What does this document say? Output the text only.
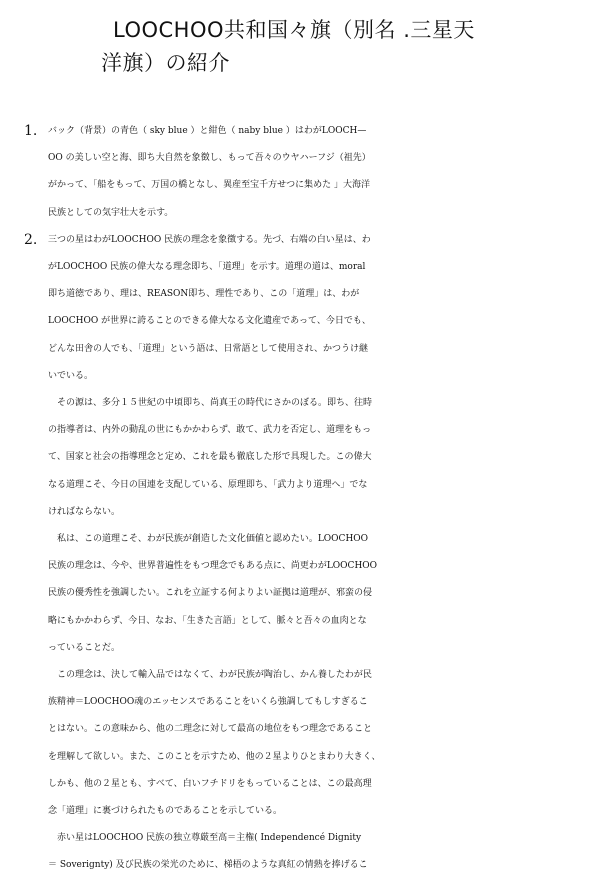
LOOCHOO共和国々旗（別名 .三星天
洋旗）の紹介
1. バック（背景）の青色（ sky blue ）と紺色（ naby blue ）はわがLOOCH—
OO の美しい空と海、即ち大自然を象徴し、もって吾々のウヤハーフジ（祖先）
がかって、「船をもって、万国の橋となし、異産至宝千方せつに集めた 」大海洋
民族としての気宇壮大を示す。
2. 三つの星はわがLOOCHOO 民族の理念を象徴する。先づ、右端の白い星は、わ
がLOOCHOO 民族の偉大なる理念即ち、「道理」を示す。道理の道は、moral
即ち道徳であり、理は、REASON即ち、理性であり、この「道理」は、わが
LOOCHOO が世界に誇ることのできる偉大なる文化遺産であって、今日でも、
どんな田舎の人でも、「道理」という語は、日常語として使用され、かつうけ継
いでいる。
　その源は、多分１５世紀の中頃即ち、尚真王の時代にさかのぼる。即ち、往時
の指導者は、内外の動乱の世にもかかわらず、敢て、武力を否定し、道理をもっ
て、国家と社会の指導理念と定め、これを最も徹底した形で具現した。この偉大
なる道理こそ、今日の国連を支配している、原理即ち、「武力より道理へ」でな
ければならない。
　私は、この道理こそ、わが民族が創造した文化価値と認めたい。LOOCHOO
民族の理念は、今や、世界普遍性をもつ理念でもある点に、尚更わがLOOCHOO
民族の優秀性を強調したい。これを立証する何よりよい証拠は道理が、邪蛮の侵
略にもかかわらず、今日、なお、「生きた言語」として、脈々と吾々の血肉とな
っていることだ。
　この理念は、決して輸入品ではなくて、わが民族が陶治し、かん養したわが民
族精神＝LOOCHOO魂のエッセンスであることをいくら強調してもしすぎるこ
とはない。この意味から、他の二理念に対して最高の地位をもつ理念であること
を理解して欲しい。また、このことを示すため、他の２星よりひとまわり大きく、
しかも、他の２星とも、すべて、白いフチドリをもっていることは、この最高理
念「道理」に裏づけられたものであることを示している。
　赤い星はLOOCHOO 民族の独立尊厳至高＝主権( Independencé Dignity
＝ Soverignty) 及び民族の栄光のために、梯梧のような真紅の情熱を捧げるこ
